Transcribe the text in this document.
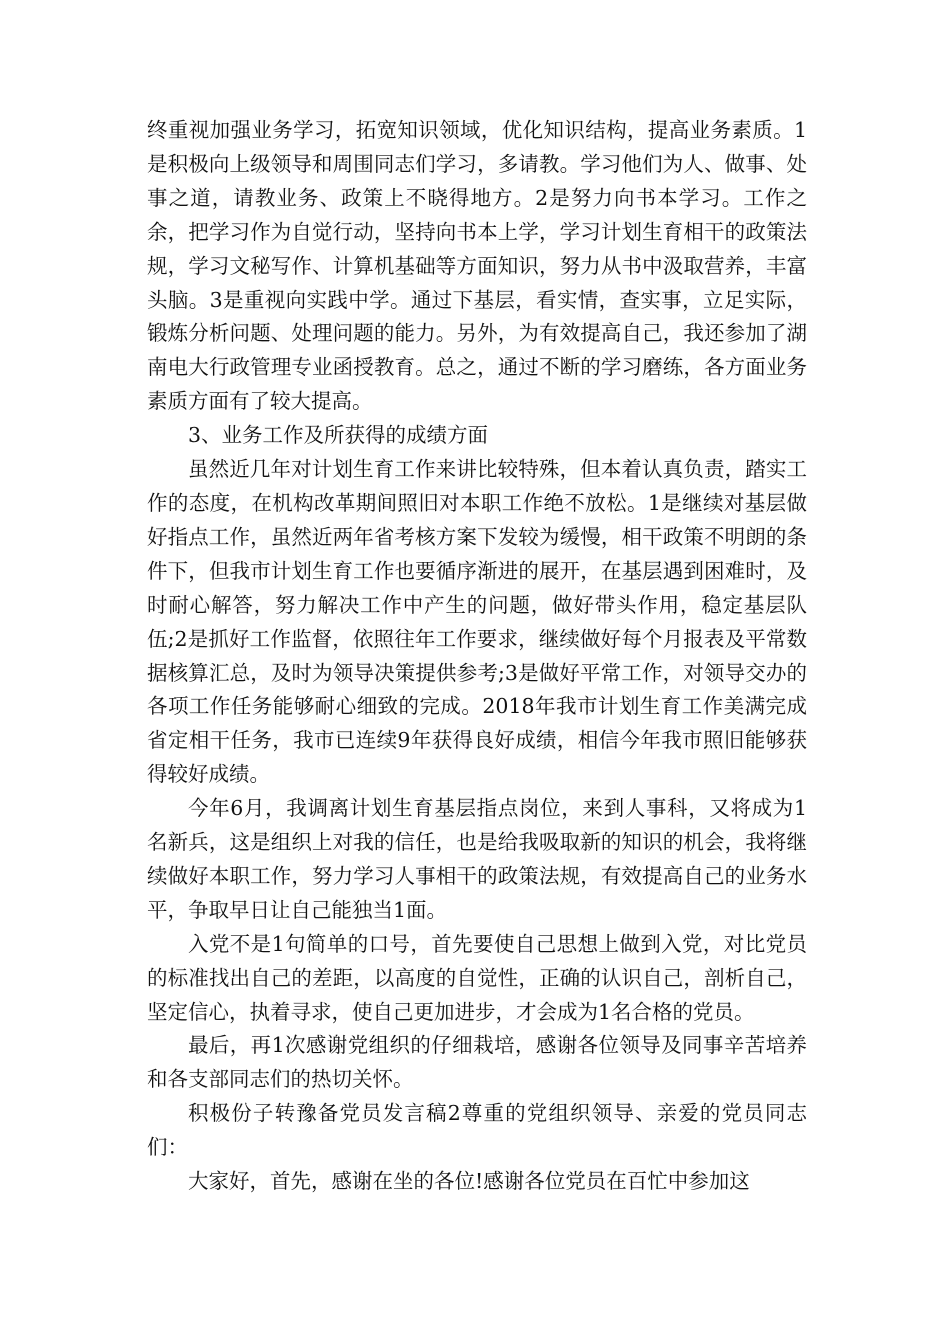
终重视加强业务学习，拓宽知识领域，优化知识结构，提高业务素质。1是积极向上级领导和周围同志们学习，多请教。学习他们为人、做事、处事之道，请教业务、政策上不晓得地方。2是努力向书本学习。工作之余，把学习作为自觉行动，坚持向书本上学，学习计划生育相干的政策法规，学习文秘写作、计算机基础等方面知识，努力从书中汲取营养，丰富头脑。3是重视向实践中学。通过下基层，看实情，查实事，立足实际，锻炼分析问题、处理问题的能力。另外，为有效提高自己，我还参加了湖南电大行政管理专业函授教育。总之，通过不断的学习磨练，各方面业务素质方面有了较大提高。

3、业务工作及所获得的成绩方面

虽然近几年对计划生育工作来讲比较特殊，但本着认真负责，踏实工作的态度，在机构改革期间照旧对本职工作绝不放松。1是继续对基层做好指点工作，虽然近两年省考核方案下发较为缓慢，相干政策不明朗的条件下，但我市计划生育工作也要循序渐进的展开，在基层遇到困难时，及时耐心解答，努力解决工作中产生的问题，做好带头作用，稳定基层队伍;2是抓好工作监督，依照往年工作要求，继续做好每个月报表及平常数据核算汇总，及时为领导决策提供参考;3是做好平常工作，对领导交办的各项工作任务能够耐心细致的完成。2018年我市计划生育工作美满完成省定相干任务，我市已连续9年获得良好成绩，相信今年我市照旧能够获得较好成绩。

今年6月，我调离计划生育基层指点岗位，来到人事科，又将成为1名新兵，这是组织上对我的信任，也是给我吸取新的知识的机会，我将继续做好本职工作，努力学习人事相干的政策法规，有效提高自己的业务水平，争取早日让自己能独当1面。

入党不是1句简单的口号，首先要使自己思想上做到入党，对比党员的标准找出自己的差距，以高度的自觉性，正确的认识自己，剖析自己，坚定信心，执着寻求，使自己更加进步，才会成为1名合格的党员。

最后，再1次感谢党组织的仔细栽培，感谢各位领导及同事辛苦培养和各支部同志们的热切关怀。

积极份子转豫备党员发言稿2尊重的党组织领导、亲爱的党员同志们：

大家好，首先，感谢在坐的各位!感谢各位党员在百忙中参加这
